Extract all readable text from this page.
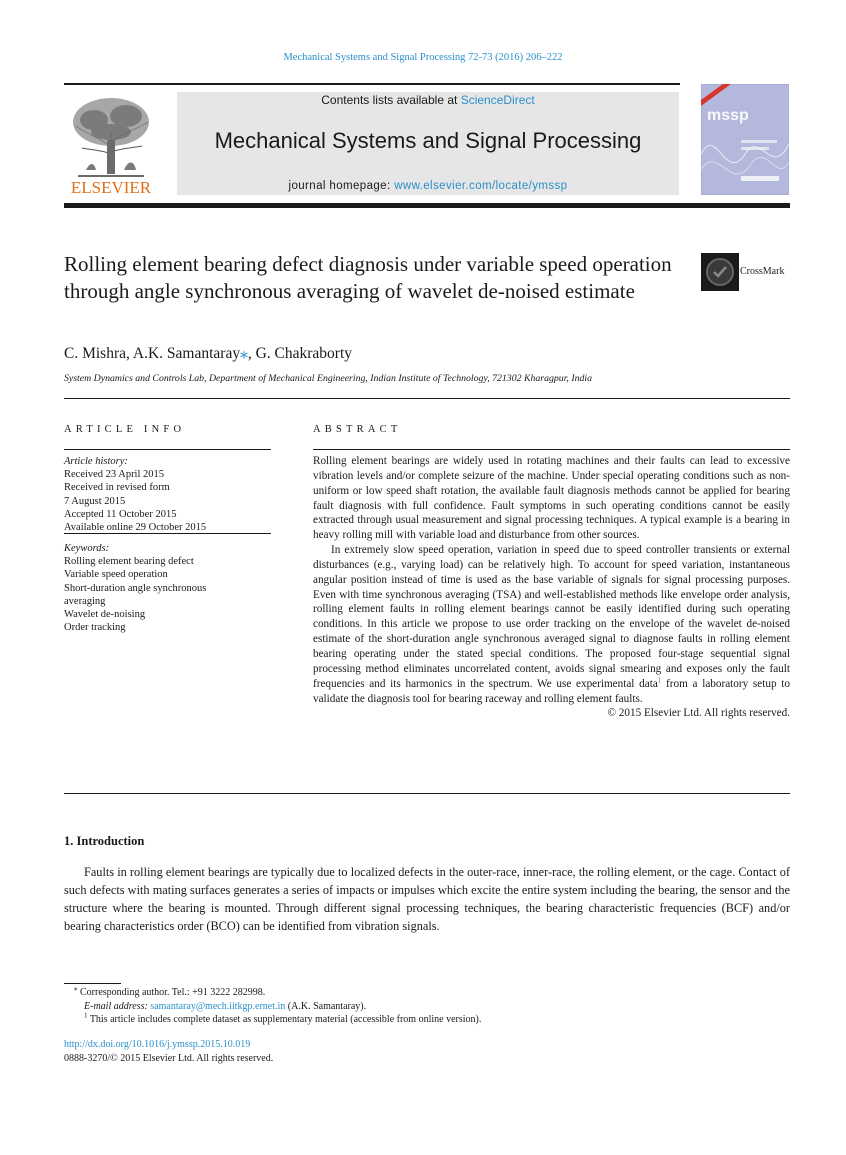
Mechanical Systems and Signal Processing 72-73 (2016) 206–222
ELSEVIER
Contents lists available at ScienceDirect
Mechanical Systems and Signal Processing
journal homepage: www.elsevier.com/locate/ymssp
mssp
Rolling element bearing defect diagnosis under variable speed operation through angle synchronous averaging of wavelet de-noised estimate
CrossMark
C. Mishra, A.K. Samantaray⁎, G. Chakraborty
System Dynamics and Controls Lab, Department of Mechanical Engineering, Indian Institute of Technology, 721302 Kharagpur, India
ARTICLE INFO
Article history:
Received 23 April 2015
Received in revised form
7 August 2015
Accepted 11 October 2015
Available online 29 October 2015
Keywords:
Rolling element bearing defect
Variable speed operation
Short-duration angle synchronous
averaging
Wavelet de-noising
Order tracking
ABSTRACT

Rolling element bearings are widely used in rotating machines and their faults can lead to excessive vibration levels and/or complete seizure of the machine. Under special operating conditions such as non-uniform or low speed shaft rotation, the available fault diagnosis methods cannot be applied for bearing fault diagnosis with full confidence. Fault symptoms in such operating conditions cannot be easily extracted through usual measurement and signal processing techniques. A typical example is a bearing in heavy rolling mill with variable load and disturbance from other sources.

In extremely slow speed operation, variation in speed due to speed controller transients or external disturbances (e.g., varying load) can be relatively high. To account for speed variation, instantaneous angular position instead of time is used as the base variable of signals for signal processing purposes. Even with time synchronous averaging (TSA) and well-established methods like envelope order analysis, rolling element faults in rolling element bearings cannot be easily identified during such operating conditions. In this article we propose to use order tracking on the envelope of the wavelet de-noised estimate of the short-duration angle synchronous averaged signal to diagnose faults in rolling element bearing operating under the stated special conditions. The proposed four-stage sequential signal processing method eliminates uncorrelated content, avoids signal smearing and exposes only the fault frequencies and its harmonics in the spectrum. We use experimental data$^1$ from a laboratory setup to validate the diagnosis tool for bearing raceway and rolling element faults.

© 2015 Elsevier Ltd. All rights reserved.

1. Introduction
Faults in rolling element bearings are typically due to localized defects in the outer-race, inner-race, the rolling element, or the cage. Contact of such defects with mating surfaces generates a series of impacts or impulses which excite the entire system including the bearing, the sensor and the structure where the bearing is mounted. Through different signal processing techniques, the bearing characteristic frequencies (BCF) and/or bearing characteristics order (BCO) can be identified from vibration signals.
⁎ Corresponding author. Tel.: +91 3222 282998.
E-mail address: samantaray@mech.iitkgp.ernet.in (A.K. Samantaray).
$^1$ This article includes complete dataset as supplementary material (accessible from online version).
http://dx.doi.org/10.1016/j.ymssp.2015.10.019
0888-3270/© 2015 Elsevier Ltd. All rights reserved.
